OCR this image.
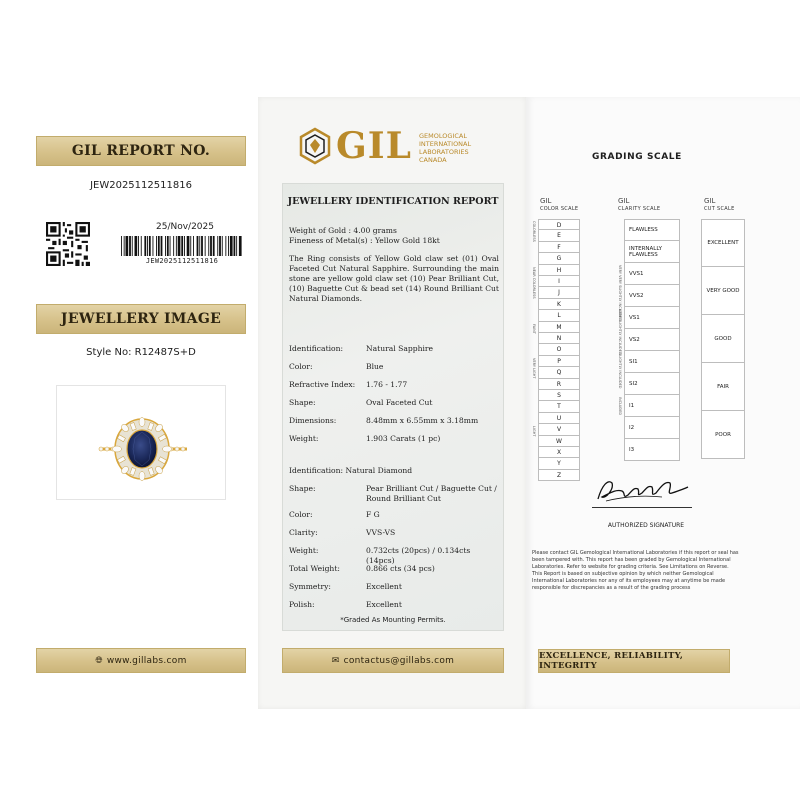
GIL REPORT NO.
JEW2025112511816
25/Nov/2025
JEW2025112511816
JEWELLERY IMAGE
Style No: R12487S+D
🌐︎ www.gillabs.com
GIL GEMOLOGICAL
INTERNATIONAL
LABORATORIES
CANADA
JEWELLERY IDENTIFICATION REPORT
Weight of Gold : 4.00 grams
Fineness of Metal(s) : Yellow Gold 18kt
The Ring consists of Yellow Gold claw set (01) Oval Faceted Cut Natural Sapphire. Surrounding the main stone are yellow gold claw set (10) Pear Brilliant Cut, (10) Baguette Cut & bead set (14) Round Brilliant Cut Natural Diamonds.
Identification:	Natural Sapphire
Color:	Blue
Refractive Index:	1.76 - 1.77
Shape:	Oval Faceted Cut
Dimensions:	8.48mm x 6.55mm x 3.18mm
Weight:	1.903 Carats (1 pc)
Identification: Natural Diamond
Shape:	Pear Brilliant Cut / Baguette Cut / Round Brilliant Cut
Color:	F G
Clarity:	VVS-VS
Weight:	0.732cts (20pcs) / 0.134cts (14pcs)
Total Weight:	0.866 cts (34 pcs)
Symmetry:	Excellent
Polish:	Excellent
*Graded As Mounting Permits.
✉ contactus@gillabs.com
GRADING SCALE
GIL
COLOR SCALE
GIL
CLARITY SCALE
GIL
CUT SCALE
COLORLESS
NEAR COLORLESS
FAINT
VERY LIGHT
LIGHT
D
E
F
G
H
I
J
K
L
M
N
O
P
Q
R
S
T
U
V
W
X
Y
Z
VERY VERY SLIGHTLY INCLUDED
VERY SLIGHTLY INCLUDED
SLIGHTLY INCLUDED
INCLUDED
FLAWLESS
INTERNALLY FLAWLESS
VVS1
VVS2
VS1
VS2
SI1
SI2
I1
I2
I3
EXCELLENT
VERY GOOD
GOOD
FAIR
POOR
AUTHORIZED SIGNATURE
Please contact GIL Gemological International Laboratories if this report or seal has been tampered with. This report has been graded by Gemological International Laboratories. Refer to website for grading criteria. See Limitations on Reverse.
This Report is based on subjective opinion by which neither Gemological International Laboratories nor any of its employees may at anytime be made responsible for discrepancies as a result of the grading process
EXCELLENCE, RELIABILITY, INTEGRITY
